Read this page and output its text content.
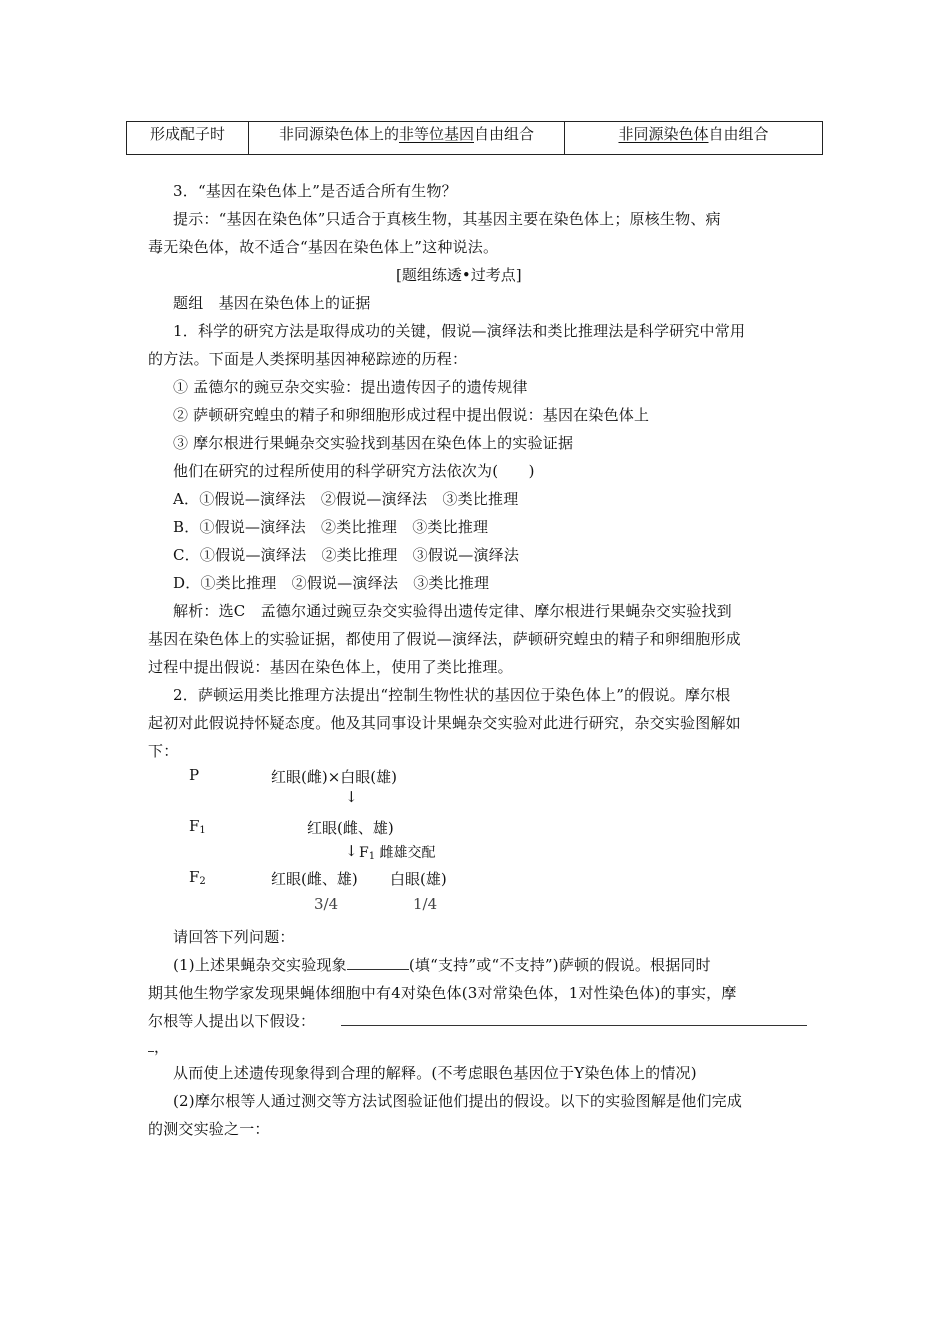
形成配子时	非同源染色体上的非等位基因自由组合	非同源染色体自由组合
3．“基因在染色体上”是否适合所有生物？
提示：“基因在染色体”只适合于真核生物，其基因主要在染色体上；原核生物、病
毒无染色体，故不适合“基因在染色体上”这种说法。
[题组练透•过考点]
题组　基因在染色体上的证据
1．科学的研究方法是取得成功的关键，假说—演绎法和类比推理法是科学研究中常用
的方法。下面是人类探明基因神秘踪迹的历程：
① 孟德尔的豌豆杂交实验：提出遗传因子的遗传规律
② 萨顿研究蝗虫的精子和卵细胞形成过程中提出假说：基因在染色体上
③ 摩尔根进行果蝇杂交实验找到基因在染色体上的实验证据
他们在研究的过程所使用的科学研究方法依次为(　　)
A．①假说—演绎法　②假说—演绎法　③类比推理
B．①假说—演绎法　②类比推理　③类比推理
C．①假说—演绎法　②类比推理　③假说—演绎法
D．①类比推理　②假说—演绎法　③类比推理
解析：选C　孟德尔通过豌豆杂交实验得出遗传定律、摩尔根进行果蝇杂交实验找到
基因在染色体上的实验证据，都使用了假说—演绎法，萨顿研究蝗虫的精子和卵细胞形成
过程中提出假说：基因在染色体上，使用了类比推理。
2．萨顿运用类比推理方法提出“控制生物性状的基因位于染色体上”的假说。摩尔根
起初对此假说持怀疑态度。他及其同事设计果蝇杂交实验对此进行研究，杂交实验图解如
下：
P	红眼(雌)×白眼(雄)
↓
F1	红眼(雌、雄)
↓ F1 雌雄交配
F2	红眼(雌、雄) 白眼(雄)
3/4	1/4
请回答下列问题：
(1)上述果蝇杂交实验现象	(填“支持”或“不支持”)萨顿的假说。根据同时
期其他生物学家发现果蝇体细胞中有4对染色体(3对常染色体，1对性染色体)的事实，摩
尔根等人提出以下假设：
，
从而使上述遗传现象得到合理的解释。(不考虑眼色基因位于Y染色体上的情况)
(2)摩尔根等人通过测交等方法试图验证他们提出的假设。以下的实验图解是他们完成
的测交实验之一：
